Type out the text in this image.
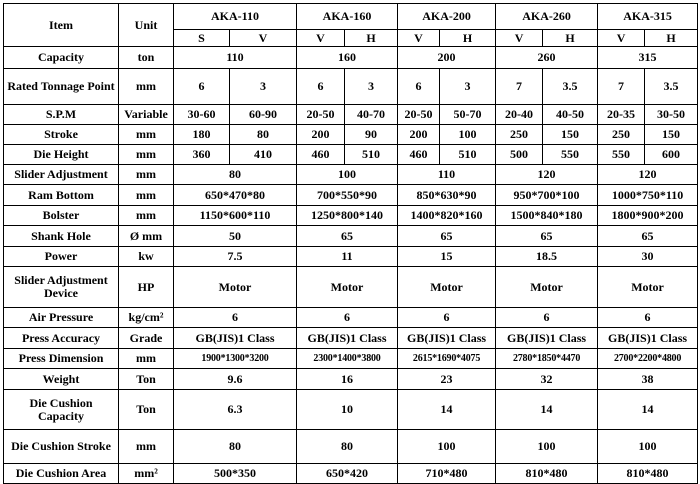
Item	Unit	AKA-110		AKA-160		AKA-200		AKA-260		AKA-315	
		S	V	V	H	V	H	V	H	V	H
Capacity	ton	110		160		200		260		315	
Rated Tonnage Point	mm	6	3	6	3	6	3	7	3.5	7	3.5
S.P.M	Variable	30-60	60-90	20-50	40-70	20-50	50-70	20-40	40-50	20-35	30-50
Stroke	mm	180	80	200	90	200	100	250	150	250	150
Die Height	mm	360	410	460	510	460	510	500	550	550	600
Slider Adjustment	mm	80		100		110		120		120	
Ram Bottom	mm	650*470*80		700*550*90		850*630*90		950*700*100		1000*750*110	
Bolster	mm	1150*600*110		1250*800*140		1400*820*160		1500*840*180		1800*900*200	
Shank Hole	Ø mm	50		65		65		65		65	
Power	kw	7.5		11		15		18.5		30	
Slider Adjustment Device	HP	Motor		Motor		Motor		Motor		Motor	
Air Pressure	kg/cm²	6		6		6		6		6	
Press Accuracy	Grade	GB(JIS)1 Class		GB(JIS)1 Class		GB(JIS)1 Class		GB(JIS)1 Class		GB(JIS)1 Class	
Press Dimension	mm	1900*1300*3200		2300*1400*3800		2615*1690*4075		2780*1850*4470		2700*2200*4800	
Weight	Ton	9.6		16		23		32		38	
Die Cushion Capacity	Ton	6.3		10		14		14		14	
Die Cushion Stroke	mm	80		80		100		100		100	
Die Cushion Area	mm²	500*350		650*420		710*480		810*480		810*480	
